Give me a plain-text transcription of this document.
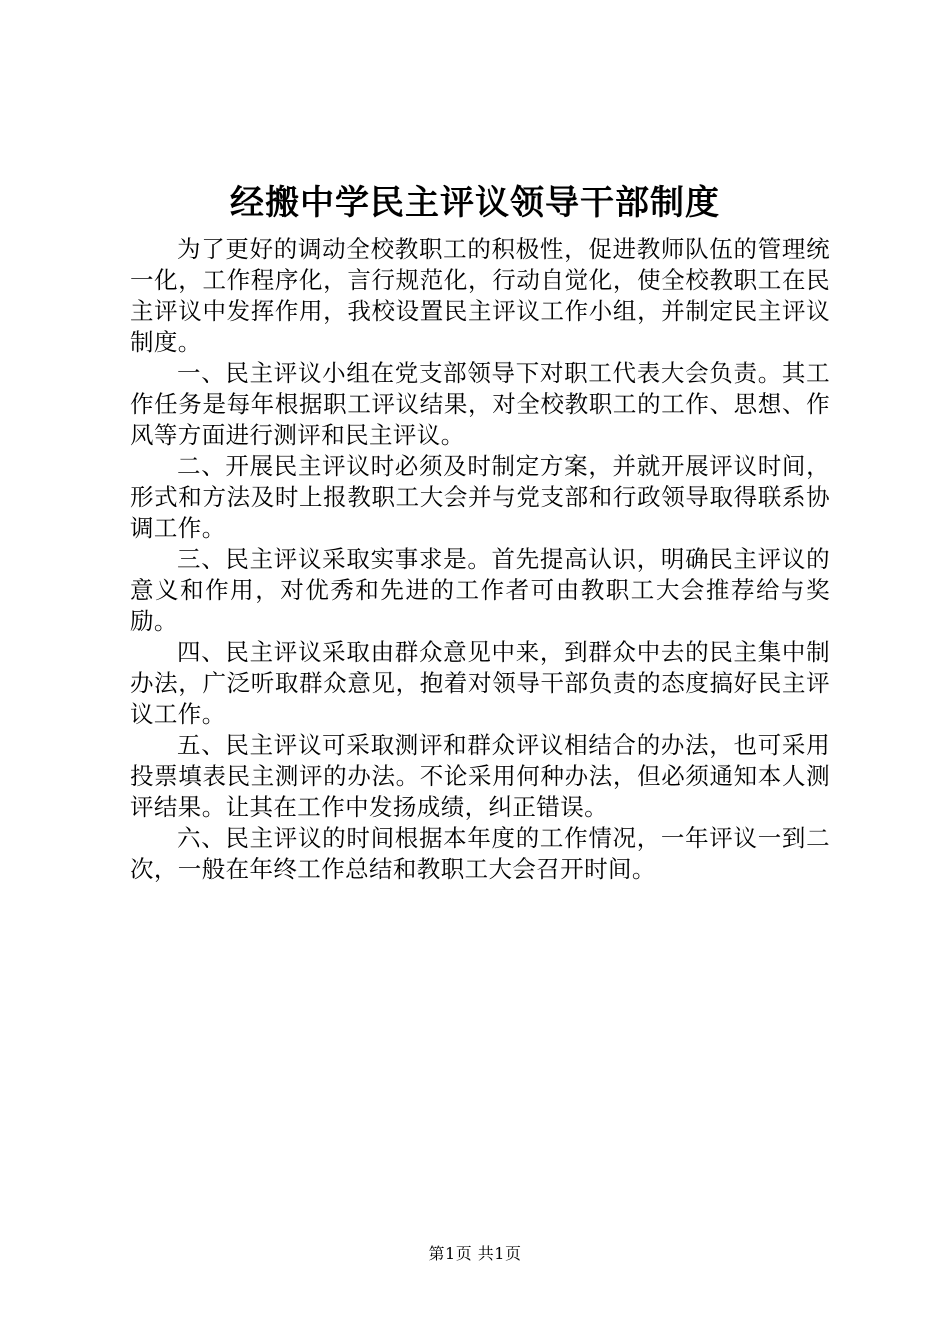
经搬中学民主评议领导干部制度

为了更好的调动全校教职工的积极性，促进教师队伍的管理统一化，工作程序化，言行规范化，行动自觉化，使全校教职工在民主评议中发挥作用，我校设置民主评议工作小组，并制定民主评议制度。

一、民主评议小组在党支部领导下对职工代表大会负责。其工作任务是每年根据职工评议结果，对全校教职工的工作、思想、作风等方面进行测评和民主评议。

二、开展民主评议时必须及时制定方案，并就开展评议时间，形式和方法及时上报教职工大会并与党支部和行政领导取得联系协调工作。

三、民主评议采取实事求是。首先提高认识，明确民主评议的意义和作用，对优秀和先进的工作者可由教职工大会推荐给与奖励。

四、民主评议采取由群众意见中来，到群众中去的民主集中制办法，广泛听取群众意见，抱着对领导干部负责的态度搞好民主评议工作。

五、民主评议可采取测评和群众评议相结合的办法，也可采用投票填表民主测评的办法。不论采用何种办法，但必须通知本人测评结果。让其在工作中发扬成绩，纠正错误。

六、民主评议的时间根据本年度的工作情况，一年评议一到二次，一般在年终工作总结和教职工大会召开时间。

第1页 共1页
